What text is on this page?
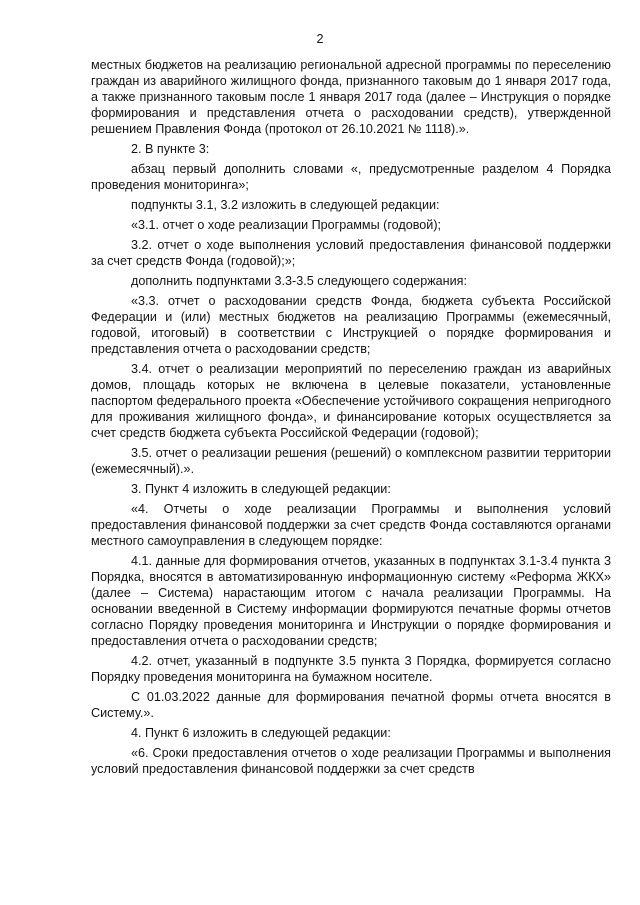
2

местных бюджетов на реализацию региональной адресной программы по переселению граждан из аварийного жилищного фонда, признанного таковым до 1 января 2017 года, а также признанного таковым после 1 января 2017 года (далее – Инструкция о порядке формирования и представления отчета о расходовании средств), утвержденной решением Правления Фонда (протокол от 26.10.2021 № 1118).».

2. В пункте 3:

абзац первый дополнить словами «, предусмотренные разделом 4 Порядка проведения мониторинга»;

подпункты 3.1, 3.2 изложить в следующей редакции:

«3.1. отчет о ходе реализации Программы (годовой);

3.2. отчет о ходе выполнения условий предоставления финансовой поддержки за счет средств Фонда (годовой);»;

дополнить подпунктами 3.3-3.5 следующего содержания:

«3.3. отчет о расходовании средств Фонда, бюджета субъекта Российской Федерации и (или) местных бюджетов на реализацию Программы (ежемесячный, годовой, итоговый) в соответствии с Инструкцией о порядке формирования и представления отчета о расходовании средств;

3.4. отчет о реализации мероприятий по переселению граждан из аварийных домов, площадь которых не включена в целевые показатели, установленные паспортом федерального проекта «Обеспечение устойчивого сокращения непригодного для проживания жилищного фонда», и финансирование которых осуществляется за счет средств бюджета субъекта Российской Федерации (годовой);

3.5. отчет о реализации решения (решений) о комплексном развитии территории (ежемесячный).».

3. Пункт 4 изложить в следующей редакции:

«4. Отчеты о ходе реализации Программы и выполнения условий предоставления финансовой поддержки за счет средств Фонда составляются органами местного самоуправления в следующем порядке:

4.1. данные для формирования отчетов, указанных в подпунктах 3.1-3.4 пункта 3 Порядка, вносятся в автоматизированную информационную систему «Реформа ЖКХ» (далее – Система) нарастающим итогом с начала реализации Программы. На основании введенной в Систему информации формируются печатные формы отчетов согласно Порядку проведения мониторинга и Инструкции о порядке формирования и предоставления отчета о расходовании средств;

4.2. отчет, указанный в подпункте 3.5 пункта 3 Порядка, формируется согласно Порядку проведения мониторинга на бумажном носителе.

С 01.03.2022 данные для формирования печатной формы отчета вносятся в Систему.».

4. Пункт 6 изложить в следующей редакции:

«6. Сроки предоставления отчетов о ходе реализации Программы и выполнения условий предоставления финансовой поддержки за счет средств
